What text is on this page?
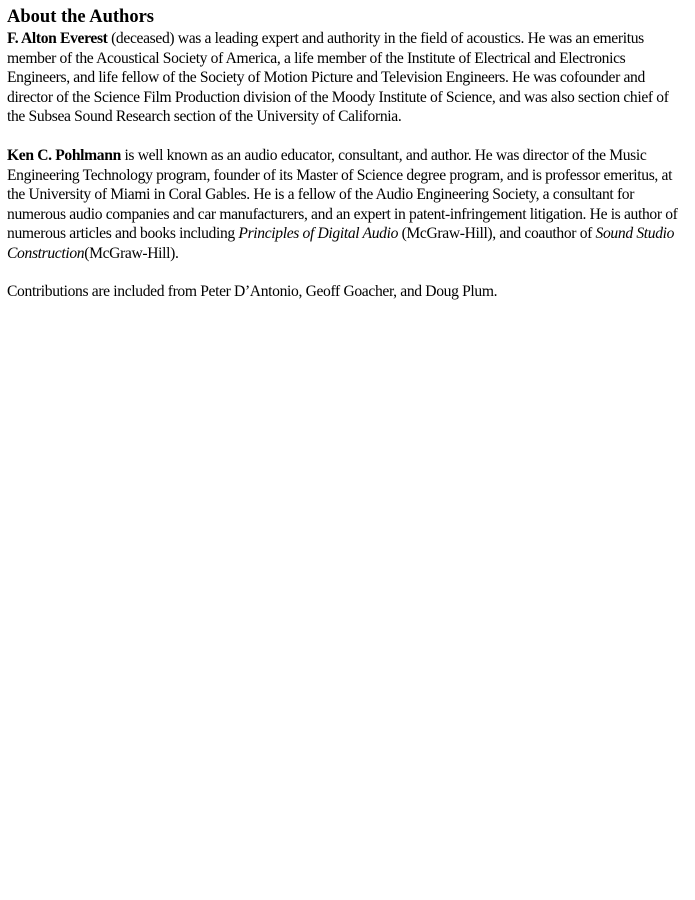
About the Authors

F. Alton Everest (deceased) was a leading expert and authority in the field of acoustics. He was an emeritus member of the Acoustical Society of America, a life member of the Institute of Electrical and Electronics Engineers, and life fellow of the Society of Motion Picture and Television Engineers. He was cofounder and director of the Science Film Production division of the Moody Institute of Science, and was also section chief of the Subsea Sound Research section of the University of California.

Ken C. Pohlmann is well known as an audio educator, consultant, and author. He was director of the Music Engineering Technology program, founder of its Master of Science degree program, and is professor emeritus, at the University of Miami in Coral Gables. He is a fellow of the Audio Engineering Society, a consultant for numerous audio companies and car manufacturers, and an expert in patent-infringement litigation. He is author of numerous articles and books including Principles of Digital Audio (McGraw-Hill), and coauthor of Sound Studio Construction(McGraw-Hill).

Contributions are included from Peter D’Antonio, Geoff Goacher, and Doug Plum.
